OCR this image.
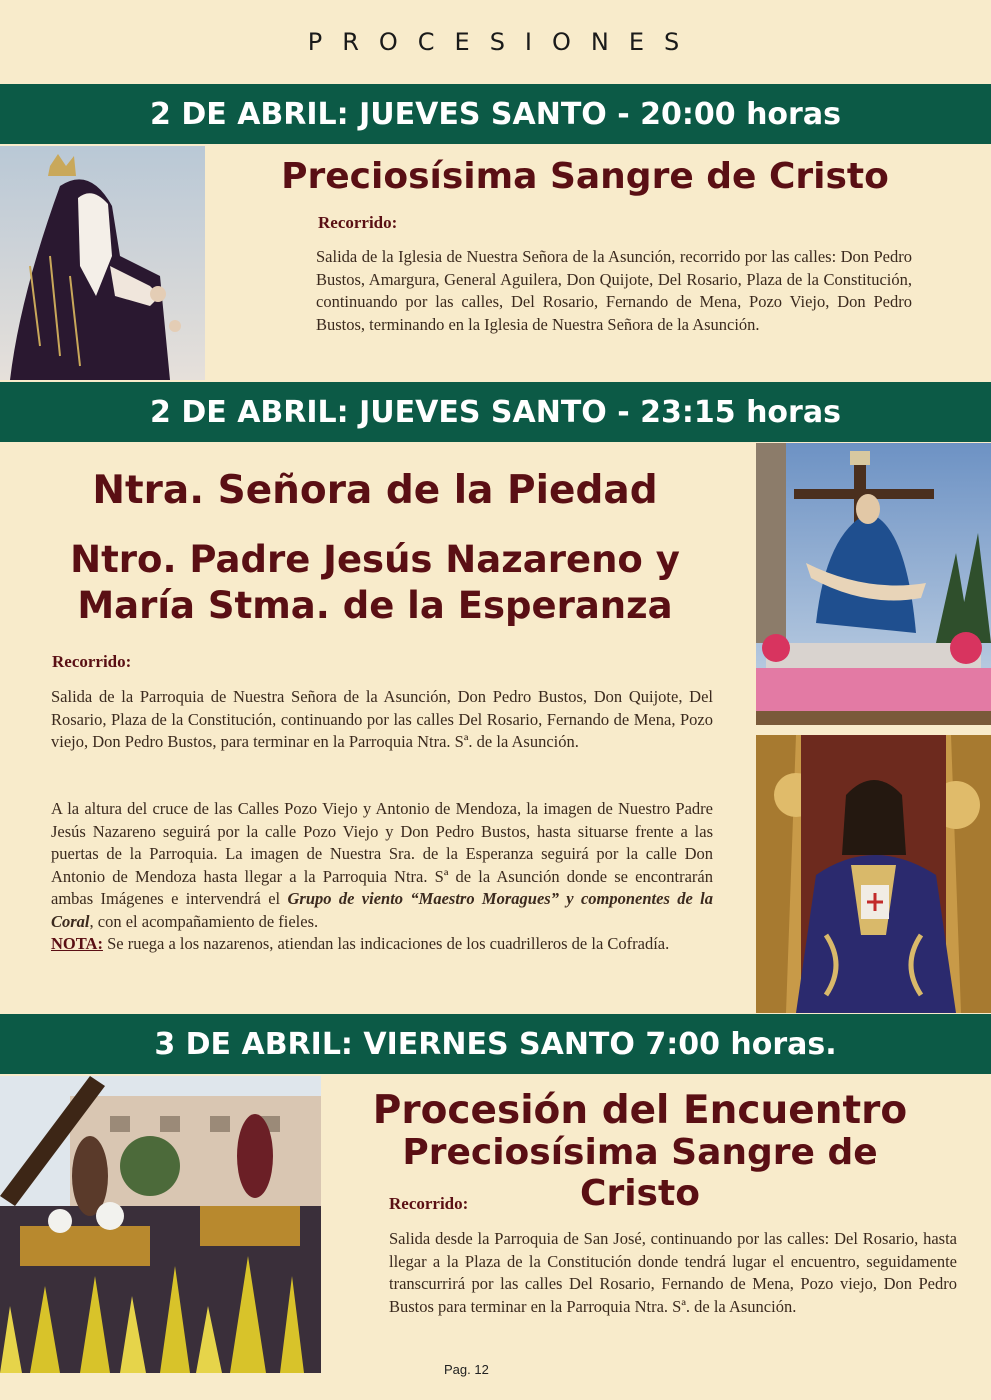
PROCESIONES
2 DE ABRIL: JUEVES SANTO - 20:00 horas
Preciosísima Sangre de Cristo
Recorrido:
Salida de la Iglesia de Nuestra Señora de la Asunción, recorrido por las calles: Don Pedro Bustos, Amargura, General Aguilera, Don Quijote, Del Rosario, Plaza de la Constitución, continuando por las calles, Del Rosario, Fernando de Mena, Pozo Viejo, Don Pedro Bustos, terminando en la Iglesia de Nuestra Señora de la Asunción.
2 DE ABRIL: JUEVES SANTO - 23:15 horas
Ntra. Señora de la Piedad
Ntro. Padre Jesús Nazareno y
María Stma. de la Esperanza
Recorrido:
Salida de la Parroquia de Nuestra Señora de la Asunción, Don Pedro Bustos, Don Quijote, Del Rosario, Plaza de la Constitución, continuando por las calles Del Rosario, Fernando de Mena, Pozo viejo, Don Pedro Bustos, para terminar en la Parroquia Ntra. Sª. de la Asunción.
A la altura del cruce de las Calles Pozo Viejo y Antonio de Mendoza, la imagen de Nuestro Padre Jesús Nazareno seguirá por la calle Pozo Viejo y Don Pedro Bustos, hasta situarse frente a las puertas de la Parroquia. La imagen de Nuestra Sra. de la Esperanza seguirá por la calle Don Antonio de Mendoza hasta llegar a la Parroquia Ntra. Sª de la Asunción donde se encontrarán ambas Imágenes e intervendrá el Grupo de viento “Maestro Moragues” y componentes de la Coral, con el acompañamiento de fieles.
NOTA: Se ruega a los nazarenos, atiendan las indicaciones de los cuadrilleros de la Cofradía.
3 DE ABRIL: VIERNES SANTO 7:00 horas.
Procesión del Encuentro
Preciosísima Sangre de Cristo
Recorrido:
Salida desde la Parroquia de San José, continuando por las calles: Del Rosario, hasta llegar a la Plaza de la Constitución donde tendrá lugar el encuentro, seguidamente transcurrirá por las calles Del Rosario, Fernando de Mena, Pozo viejo, Don Pedro Bustos para terminar en la Parroquia Ntra. Sª. de la Asunción.
Pag. 12
